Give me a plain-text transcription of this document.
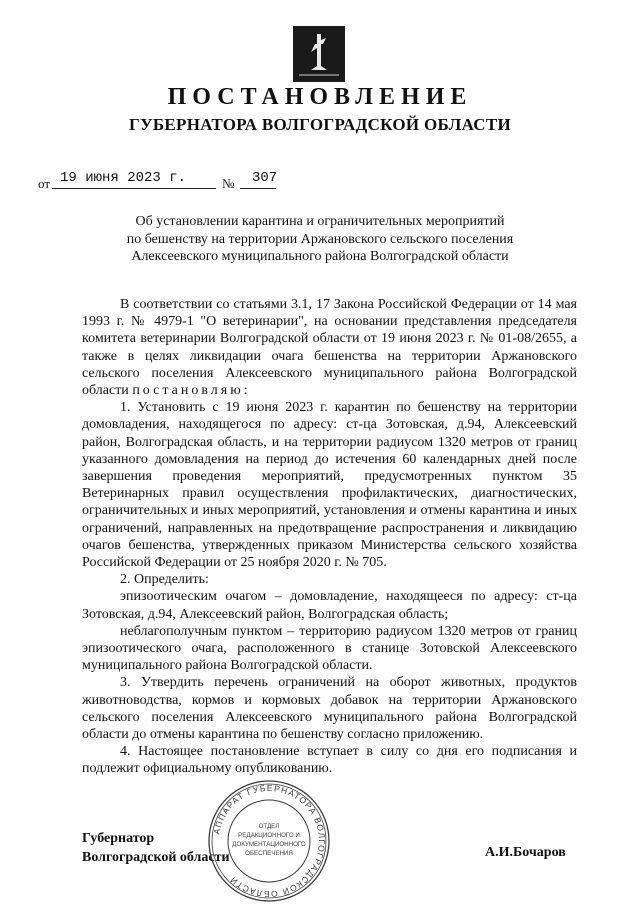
ПОСТАНОВЛЕНИЕ
ГУБЕРНАТОРА ВОЛГОГРАДСКОЙ ОБЛАСТИ
от 19 июня 2023 г.	№ 307
Об установлении карантина и ограничительных мероприятий
по бешенству на территории Аржановского сельского поселения
Алексеевского муниципального района Волгоградской области

В соответствии со статьями 3.1, 17 Закона Российской Федерации от 14 мая 1993 г. № 4979-1 "О ветеринарии", на основании представления председателя комитета ветеринарии Волгоградской области от 19 июня 2023 г. № 01-08/2655, а также в целях ликвидации очага бешенства на территории Аржановского сельского поселения Алексеевского муниципального района Волгоградской области постановляю:

1. Установить с 19 июня 2023 г. карантин по бешенству на территории домовладения, находящегося по адресу: ст-ца Зотовская, д.94, Алексеевский район, Волгоградская область, и на территории радиусом 1320 метров от границ указанного домовладения на период до истечения 60 календарных дней после завершения проведения мероприятий, предусмотренных пунктом 35 Ветеринарных правил осуществления профилактических, диагностических, ограничительных и иных мероприятий, установления и отмены карантина и иных ограничений, направленных на предотвращение распространения и ликвидацию очагов бешенства, утвержденных приказом Министерства сельского хозяйства Российской Федерации от 25 ноября 2020 г. № 705.

2. Определить:

эпизоотическим очагом – домовладение, находящееся по адресу: ст-ца Зотовская, д.94, Алексеевский район, Волгоградская область;

неблагополучным пунктом – территорию радиусом 1320 метров от границ эпизоотического очага, расположенного в станице Зотовской Алексеевского муниципального района Волгоградской области.

3. Утвердить перечень ограничений на оборот животных, продуктов животноводства, кормов и кормовых добавок на территории Аржановского сельского поселения Алексеевского муниципального района Волгоградской области до отмены карантина по бешенству согласно приложению.

4. Настоящее постановление вступает в силу со дня его подписания и подлежит официальному опубликованию.

Губернатор
Волгоградской области	А.И.Бочаров
АППАРАТ ГУБЕРНАТОРА ВОЛГОГРАДСКОЙ ОБЛАСТИ
ОТДЕЛ
РЕДАКЦИОННОГО И
ДОКУМЕНТАЦИОННОГО
ОБЕСПЕЧЕНИЯ
